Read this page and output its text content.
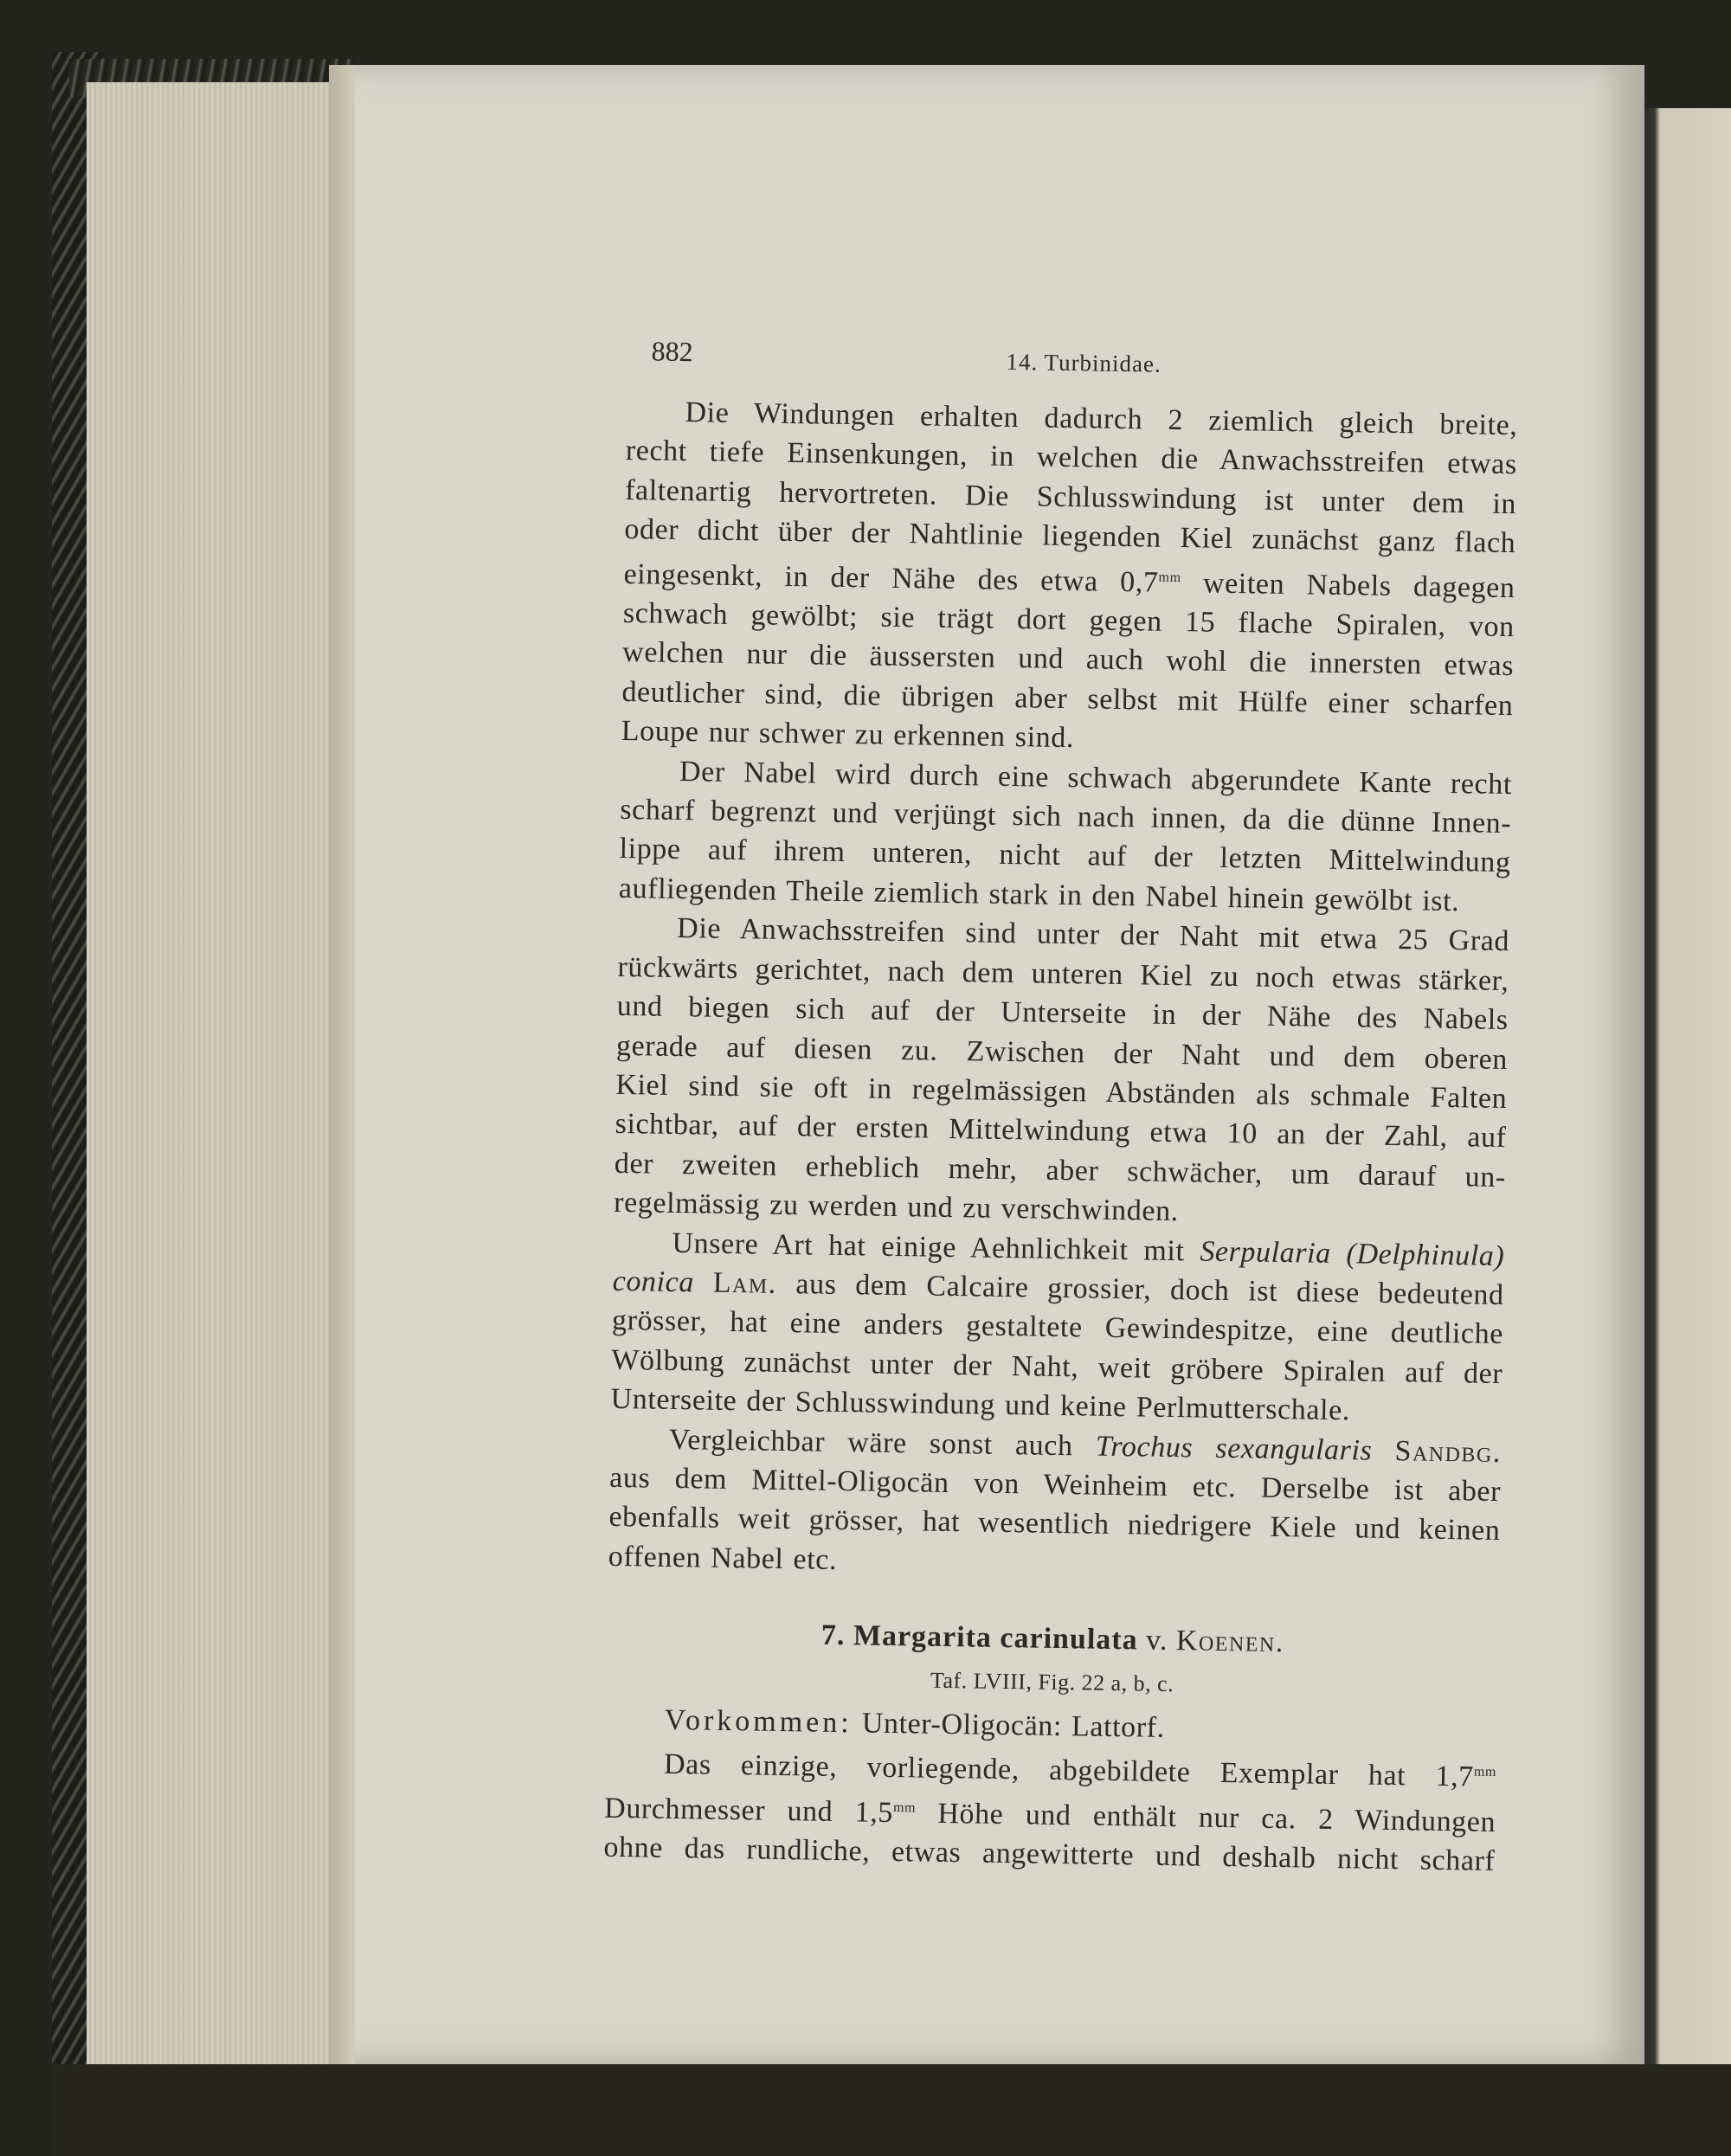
882	14. Turbinidae.

Die Windungen erhalten dadurch 2 ziemlich gleich breite,
recht tiefe Einsenkungen, in welchen die Anwachsstreifen etwas
faltenartig hervortreten. Die Schlusswindung ist unter dem in
oder dicht über der Nahtlinie liegenden Kiel zunächst ganz flach
eingesenkt, in der Nähe des etwa $0,7^{mm}$ weiten Nabels dagegen
schwach gewölbt; sie trägt dort gegen 15 flache Spiralen, von
welchen nur die äussersten und auch wohl die innersten etwas
deutlicher sind, die übrigen aber selbst mit Hülfe einer scharfen
Loupe nur schwer zu erkennen sind.

Der Nabel wird durch eine schwach abgerundete Kante recht
scharf begrenzt und verjüngt sich nach innen, da die dünne Innen-
lippe auf ihrem unteren, nicht auf der letzten Mittelwindung
aufliegenden Theile ziemlich stark in den Nabel hinein gewölbt ist.

Die Anwachsstreifen sind unter der Naht mit etwa 25 Grad
rückwärts gerichtet, nach dem unteren Kiel zu noch etwas stärker,
und biegen sich auf der Unterseite in der Nähe des Nabels
gerade auf diesen zu. Zwischen der Naht und dem oberen
Kiel sind sie oft in regelmässigen Abständen als schmale Falten
sichtbar, auf der ersten Mittelwindung etwa 10 an der Zahl, auf
der zweiten erheblich mehr, aber schwächer, um darauf un-
regelmässig zu werden und zu verschwinden.

Unsere Art hat einige Aehnlichkeit mit Serpularia (Delphinula)
conica Lam. aus dem Calcaire grossier, doch ist diese bedeutend
grösser, hat eine anders gestaltete Gewindespitze, eine deutliche
Wölbung zunächst unter der Naht, weit gröbere Spiralen auf der
Unterseite der Schlusswindung und keine Perlmutterschale.

Vergleichbar wäre sonst auch Trochus sexangularis Sandbg.
aus dem Mittel-Oligocän von Weinheim etc. Derselbe ist aber
ebenfalls weit grösser, hat wesentlich niedrigere Kiele und keinen
offenen Nabel etc.

7. Margarita carinulata v. Koenen.
Taf. LVIII, Fig. 22 a, b, c.

Vorkommen: Unter-Oligocän: Lattorf.

Das einzige, vorliegende, abgebildete Exemplar hat $1,7^{mm}$
Durchmesser und $1,5^{mm}$ Höhe und enthält nur ca. 2 Windungen
ohne das rundliche, etwas angewitterte und deshalb nicht scharf
